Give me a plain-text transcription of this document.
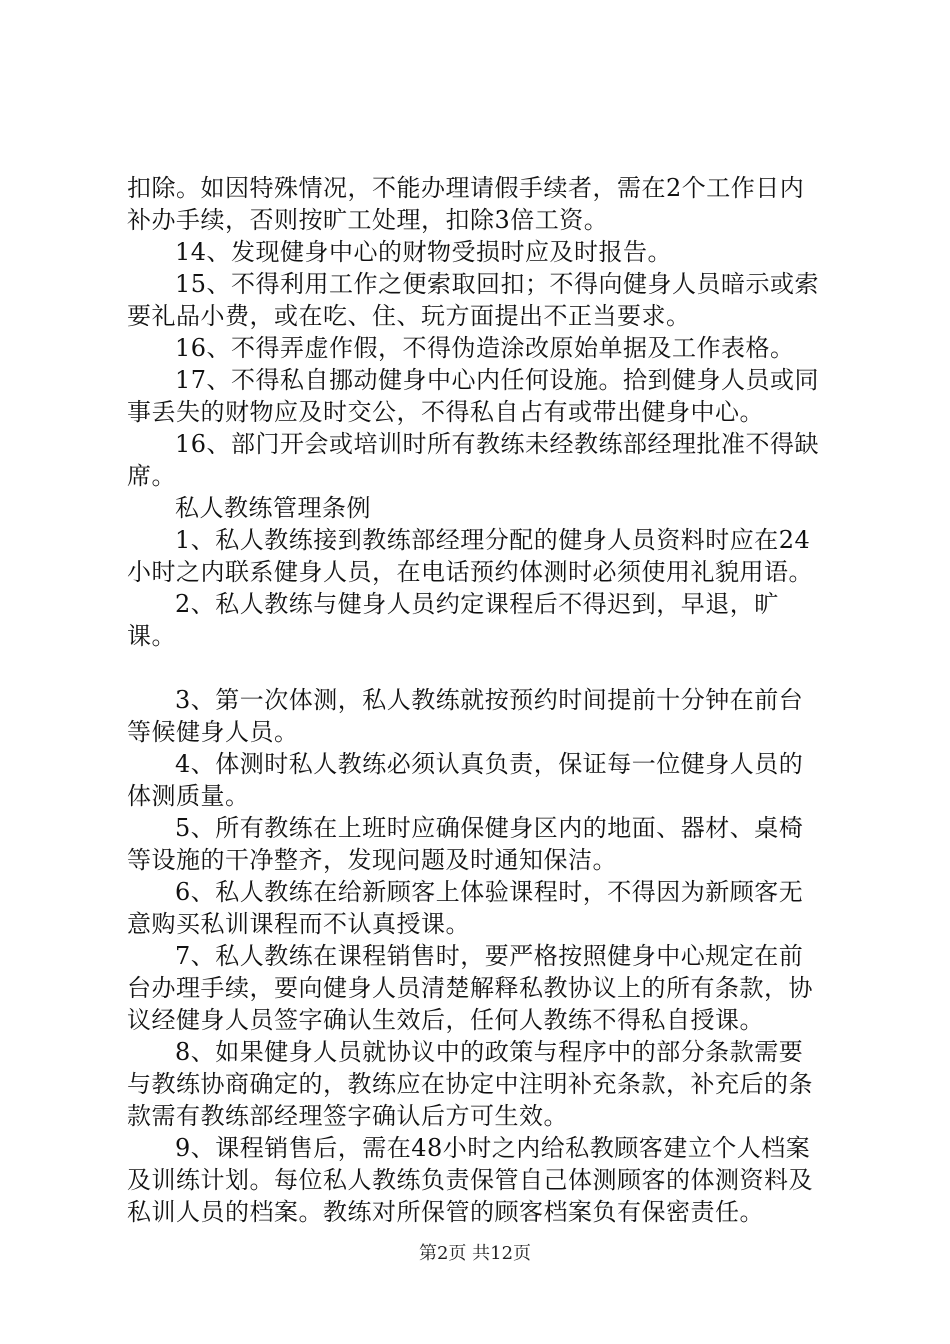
扣除。如因特殊情况，不能办理请假手续者，需在2个工作日内补办手续，否则按旷工处理，扣除3倍工资。

14、发现健身中心的财物受损时应及时报告。

15、不得利用工作之便索取回扣；不得向健身人员暗示或索要礼品小费，或在吃、住、玩方面提出不正当要求。

16、不得弄虚作假，不得伪造涂改原始单据及工作表格。

17、不得私自挪动健身中心内任何设施。拾到健身人员或同事丢失的财物应及时交公，不得私自占有或带出健身中心。

16、部门开会或培训时所有教练未经教练部经理批准不得缺席。

私人教练管理条例

1、私人教练接到教练部经理分配的健身人员资料时应在24小时之内联系健身人员，在电话预约体测时必须使用礼貌用语。

2、私人教练与健身人员约定课程后不得迟到，早退，旷课。

3、第一次体测，私人教练就按预约时间提前十分钟在前台等候健身人员。

4、体测时私人教练必须认真负责，保证每一位健身人员的体测质量。

5、所有教练在上班时应确保健身区内的地面、器材、桌椅等设施的干净整齐，发现问题及时通知保洁。

6、私人教练在给新顾客上体验课程时，不得因为新顾客无意购买私训课程而不认真授课。

7、私人教练在课程销售时，要严格按照健身中心规定在前台办理手续，要向健身人员清楚解释私教协议上的所有条款，协议经健身人员签字确认生效后，任何人教练不得私自授课。

8、如果健身人员就协议中的政策与程序中的部分条款需要与教练协商确定的，教练应在协定中注明补充条款，补充后的条款需有教练部经理签字确认后方可生效。

9、课程销售后，需在48小时之内给私教顾客建立个人档案及训练计划。每位私人教练负责保管自己体测顾客的体测资料及私训人员的档案。教练对所保管的顾客档案负有保密责任。

第2页 共12页
